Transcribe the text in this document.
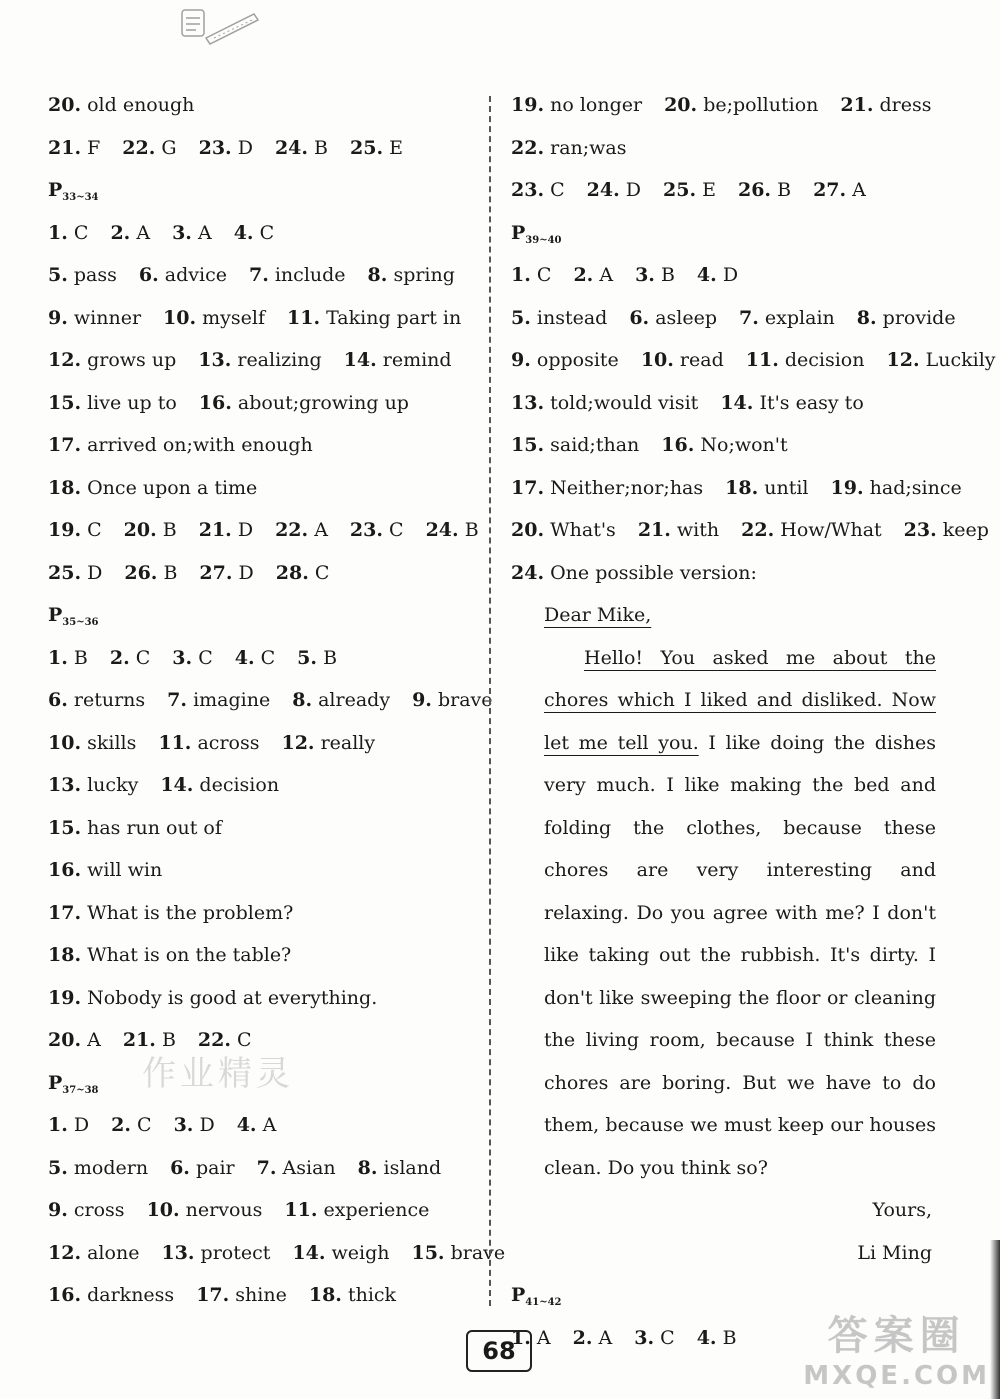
20. old enough
21. F 22. G 23. D 24. B 25. E
$P_{33\sim 34}$
1. C 2. A 3. A 4. C
5. pass 6. advice 7. include 8. spring
9. winner 10. myself 11. Taking part in
12. grows up 13. realizing 14. remind
15. live up to 16. about;growing up
17. arrived on;with enough
18. Once upon a time
19. C 20. B 21. D 22. A 23. C 24. B
25. D 26. B 27. D 28. C
$P_{35\sim 36}$
1. B 2. C 3. C 4. C 5. B
6. returns 7. imagine 8. already 9. brave
10. skills 11. across 12. really
13. lucky 14. decision
15. has run out of
16. will win
17. What is the problem?
18. What is on the table?
19. Nobody is good at everything.
20. A 21. B 22. C
$P_{37\sim 38}$
1. D 2. C 3. D 4. A
5. modern 6. pair 7. Asian 8. island
9. cross 10. nervous 11. experience
12. alone 13. protect 14. weigh 15. brave
16. darkness 17. shine 18. thick
19. no longer 20. be;pollution 21. dress
22. ran;was
23. C 24. D 25. E 26. B 27. A
$P_{39\sim 40}$
1. C 2. A 3. B 4. D
5. instead 6. asleep 7. explain 8. provide
9. opposite 10. read 11. decision 12. Luckily
13. told;would visit 14. It's easy to
15. said;than 16. No;won't
17. Neither;nor;has 18. until 19. had;since
20. What's 21. with 22. How/What 23. keep
24. One possible version:
Dear Mike,
Hello! You asked me about the chores which I liked and disliked. Now let me tell you. I like doing the dishes very much. I like making the bed and folding the clothes, because these chores are very interesting and relaxing. Do you agree with me? I don't like taking out the rubbish. It's dirty. I don't like sweeping the floor or cleaning the living room, because I think these chores are boring. But we have to do them, because we must keep our houses clean. Do you think so?
Yours,
Li Ming
$P_{41\sim 42}$
1. A 2. A 3. C 4. B
作业精灵
68	答案圈
MXQE.COM
